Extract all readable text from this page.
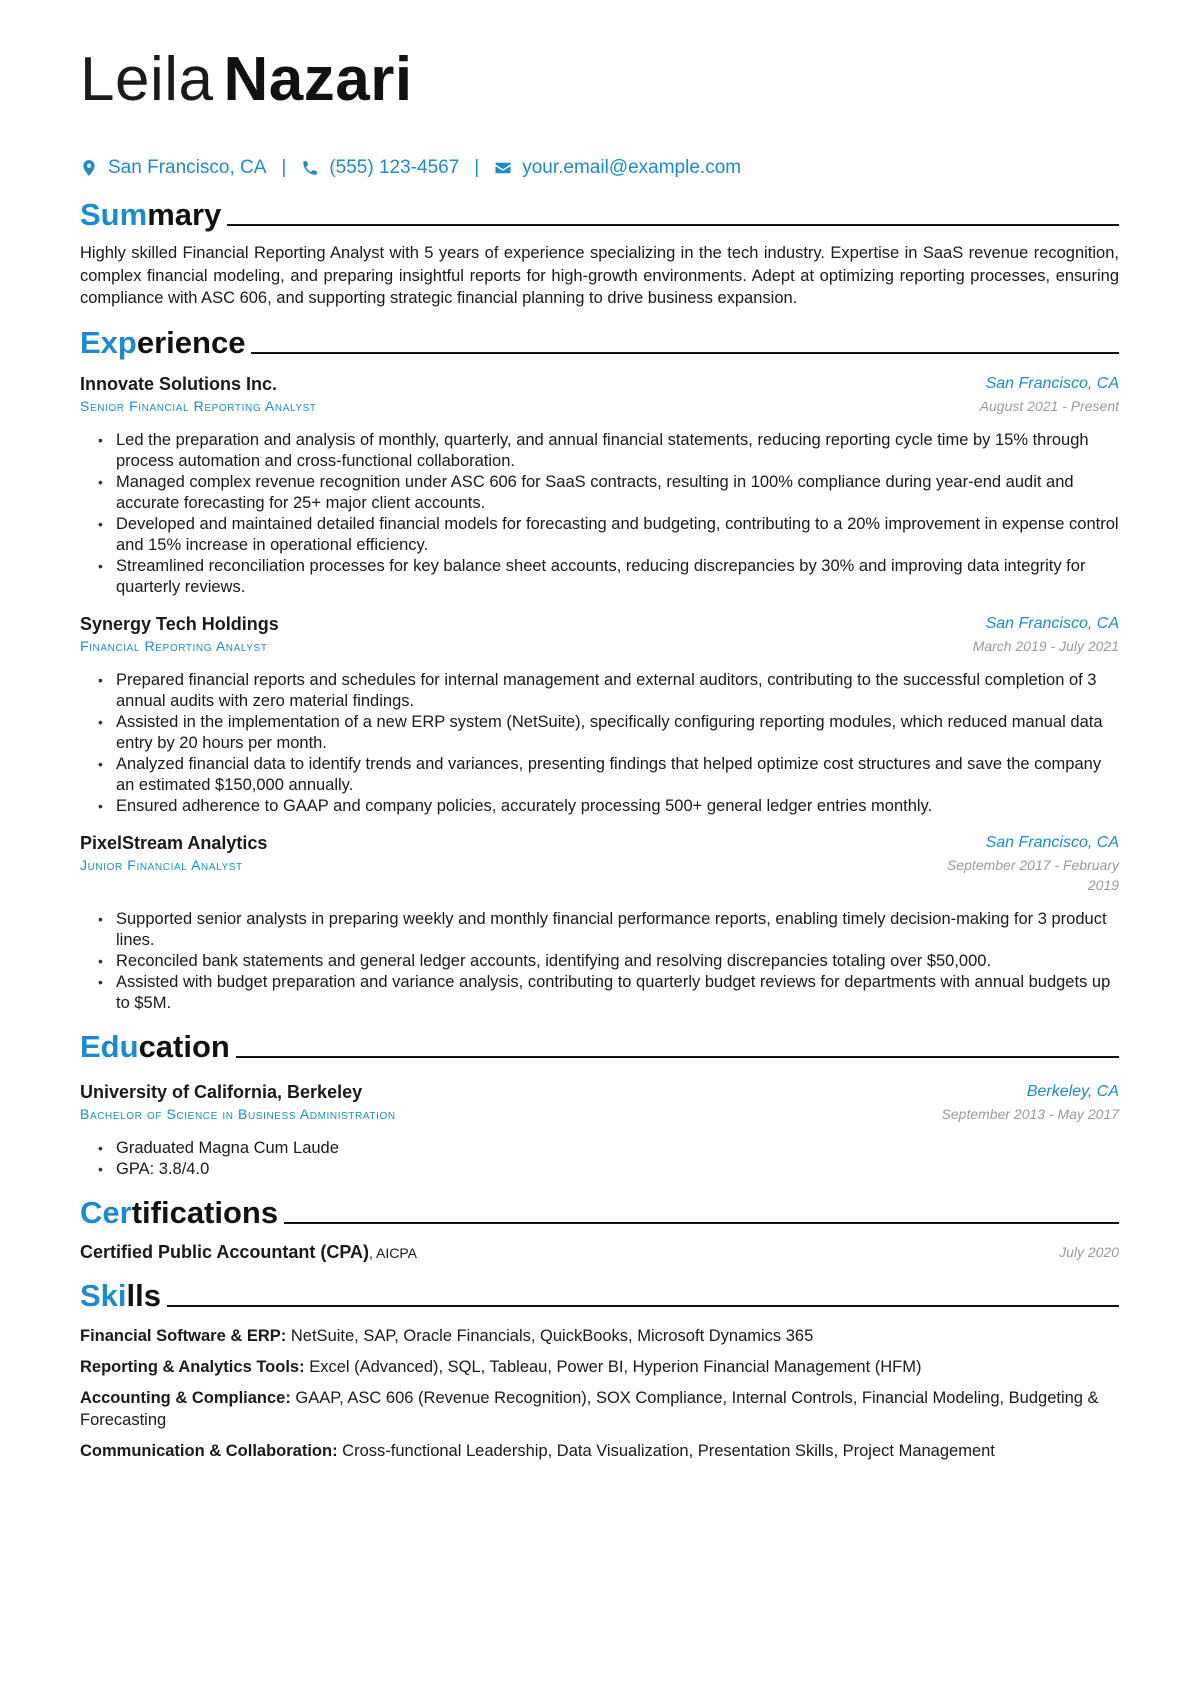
Leila Nazari
San Francisco, CA | (555) 123-4567 | your.email@example.com
Summary

Highly skilled Financial Reporting Analyst with 5 years of experience specializing in the tech industry. Expertise in SaaS revenue recognition, complex financial modeling, and preparing insightful reports for high-growth environments. Adept at optimizing reporting processes, ensuring compliance with ASC 606, and supporting strategic financial planning to drive business expansion.

Experience
Innovate Solutions Inc.	San Francisco, CA
Senior Financial Reporting Analyst	August 2021 - Present
• Led the preparation and analysis of monthly, quarterly, and annual financial statements, reducing reporting cycle time by 15% through process automation and cross-functional collaboration.
• Managed complex revenue recognition under ASC 606 for SaaS contracts, resulting in 100% compliance during year-end audit and accurate forecasting for 25+ major client accounts.
• Developed and maintained detailed financial models for forecasting and budgeting, contributing to a 20% improvement in expense control and 15% increase in operational efficiency.
• Streamlined reconciliation processes for key balance sheet accounts, reducing discrepancies by 30% and improving data integrity for quarterly reviews.
Synergy Tech Holdings	San Francisco, CA
Financial Reporting Analyst	March 2019 - July 2021
• Prepared financial reports and schedules for internal management and external auditors, contributing to the successful completion of 3 annual audits with zero material findings.
• Assisted in the implementation of a new ERP system (NetSuite), specifically configuring reporting modules, which reduced manual data entry by 20 hours per month.
• Analyzed financial data to identify trends and variances, presenting findings that helped optimize cost structures and save the company an estimated $150,000 annually.
• Ensured adherence to GAAP and company policies, accurately processing 500+ general ledger entries monthly.
PixelStream Analytics	San Francisco, CA
Junior Financial Analyst	September 2017 - February 2019
• Supported senior analysts in preparing weekly and monthly financial performance reports, enabling timely decision-making for 3 product lines.
• Reconciled bank statements and general ledger accounts, identifying and resolving discrepancies totaling over $50,000.
• Assisted with budget preparation and variance analysis, contributing to quarterly budget reviews for departments with annual budgets up to $5M.
Education
University of California, Berkeley	Berkeley, CA
Bachelor of Science in Business Administration	September 2013 - May 2017
• Graduated Magna Cum Laude
• GPA: 3.8/4.0
Certifications
Certified Public Accountant (CPA), AICPA	July 2020
Skills
Financial Software & ERP: NetSuite, SAP, Oracle Financials, QuickBooks, Microsoft Dynamics 365
Reporting & Analytics Tools: Excel (Advanced), SQL, Tableau, Power BI, Hyperion Financial Management (HFM)
Accounting & Compliance: GAAP, ASC 606 (Revenue Recognition), SOX Compliance, Internal Controls, Financial Modeling, Budgeting & Forecasting
Communication & Collaboration: Cross-functional Leadership, Data Visualization, Presentation Skills, Project Management
